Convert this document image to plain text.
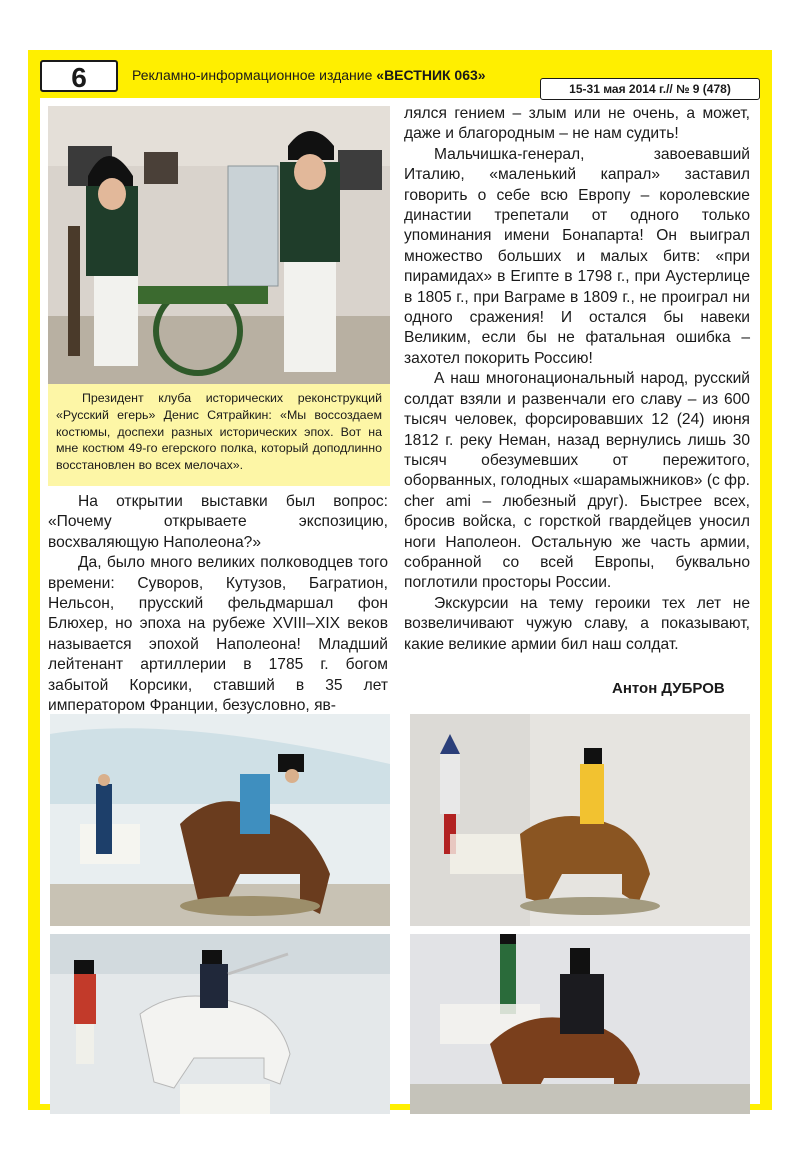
6	Рекламно-информационное издание «ВЕСТНИК 063»
15-31 мая 2014 г.// № 9 (478)
Президент клуба исторических реконструкций «Русский егерь» Денис Сятрайкин: «Мы воссоздаем костюмы, доспехи разных исторических эпох. Вот на мне костюм 49-го егерского полка, который доподлинно восстановлен во всех мелочах».

На открытии выставки был вопрос: «Почему открываете экспозицию, восхваляющую Наполеона?»

Да, было много великих полководцев того времени: Суворов, Кутузов, Багратион, Нельсон, прусский фельдмаршал фон Блюхер, но эпоха на рубеже XVIII–XIX веков называется эпохой Наполеона! Младший лейтенант артиллерии в 1785 г. богом забытой Корсики, ставший в 35 лет императором Франции, безусловно, яв-

лялся гением – злым или не очень, а может, даже и благородным – не нам судить!

Мальчишка-генерал, завоевавший Италию, «маленький капрал» заставил говорить о себе всю Европу – королевские династии трепетали от одного только упоминания имени Бонапарта! Он выиграл множество больших и малых битв: «при пирамидах» в Египте в 1798 г., при Аустерлице в 1805 г., при Ваграме в 1809 г., не проиграл ни одного сражения! И остался бы навеки Великим, если бы не фатальная ошибка – захотел покорить Россию!

А наш многонациональный народ, русский солдат взяли и развенчали его славу – из 600 тысяч человек, форсировавших 12 (24) июня 1812 г. реку Неман, назад вернулись лишь 30 тысяч обезумевших от пережитого, оборванных, голодных «шарамыжников» (с фр. cher ami – любезный друг). Быстрее всех, бросив войска, с горсткой гвардейцев уносил ноги Наполеон. Остальную же часть армии, собранной со всей Европы, буквально поглотили просторы России.

Экскурсии на тему героики тех лет не возвеличивают чужую славу, а показывают, какие великие армии бил наш солдат.

Антон ДУБРОВ
